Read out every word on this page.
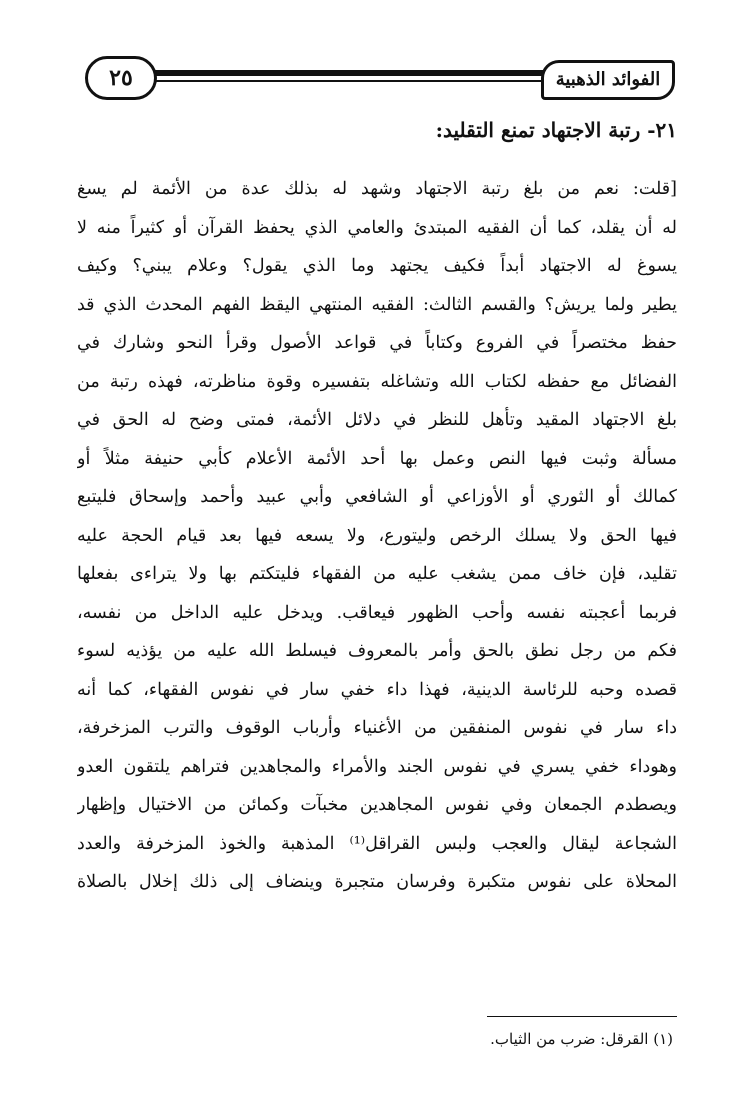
٢٥	الفوائد الذهبية
٢١- رتبة الاجتهاد تمنع التقليد:
[قلت: نعم من بلغ رتبة الاجتهاد وشهد له بذلك عدة من الأئمة لم يسغ
له أن يقلد، كما أن الفقيه المبتدئ والعامي الذي يحفظ القرآن أو كثيراً منه لا
يسوغ له الاجتهاد أبداً فكيف يجتهد وما الذي يقول؟ وعلام يبني؟ وكيف
يطير ولما يريش؟ والقسم الثالث: الفقيه المنتهي اليقظ الفهم المحدث الذي قد
حفظ مختصراً في الفروع وكتاباً في قواعد الأصول وقرأ النحو وشارك في
الفضائل مع حفظه لكتاب الله وتشاغله بتفسيره وقوة مناظرته، فهذه رتبة من
بلغ الاجتهاد المقيد وتأهل للنظر في دلائل الأئمة، فمتى وضح له الحق في
مسألة وثبت فيها النص وعمل بها أحد الأئمة الأعلام كأبي حنيفة مثلاً أو
كمالك أو الثوري أو الأوزاعي أو الشافعي وأبي عبيد وأحمد وإسحاق فليتبع
فيها الحق ولا يسلك الرخص وليتورع، ولا يسعه فيها بعد قيام الحجة عليه
تقليد، فإن خاف ممن يشغب عليه من الفقهاء فليتكتم بها ولا يتراءى بفعلها
فربما أعجبته نفسه وأحب الظهور فيعاقب. ويدخل عليه الداخل من نفسه،
فكم من رجل نطق بالحق وأمر بالمعروف فيسلط الله عليه من يؤذيه لسوء
قصده وحبه للرئاسة الدينية، فهذا داء خفي سار في نفوس الفقهاء، كما أنه
داء سار في نفوس المنفقين من الأغنياء وأرباب الوقوف والترب المزخرفة،
وهوداء خفي يسري في نفوس الجند والأمراء والمجاهدين فتراهم يلتقون العدو
ويصطدم الجمعان وفي نفوس المجاهدين مخبآت وكمائن من الاختيال وإظهار
الشجاعة ليقال والعجب ولبس القراقل⁽¹⁾ المذهبة والخوذ المزخرفة والعدد
المحلاة على نفوس متكبرة وفرسان متجبرة وينضاف إلى ذلك إخلال بالصلاة
(١) القرقل: ضرب من الثياب.
